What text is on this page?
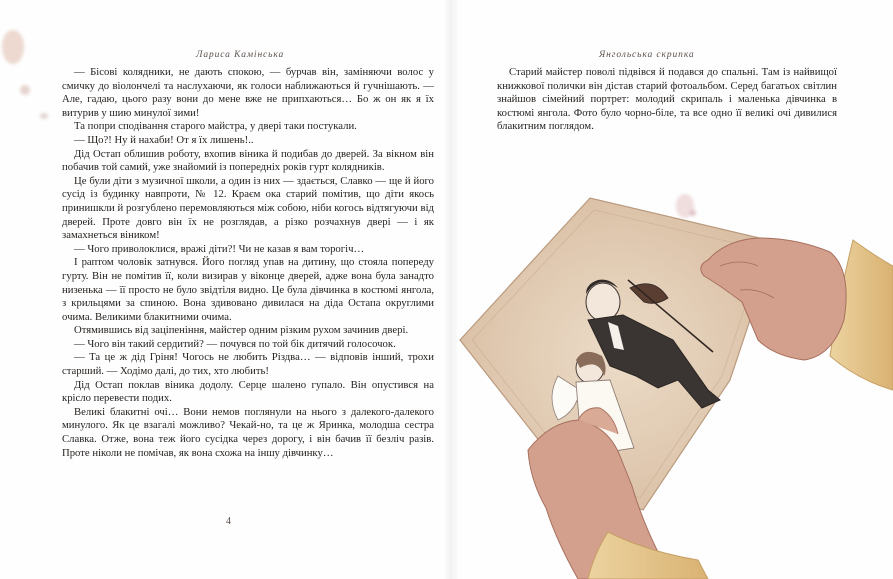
Лариса Камінська

— Бісові колядники, не дають спокою, — бурчав він, заміняючи волос у смичку до віолончелі та наслухаючи, як голоси наближаються й гучнішають. — Але, гадаю, цього разу вони до мене вже не припхаються… Бо ж он як я їх витурив у шию минулої зими!

Та попри сподівання старого майстра, у двері таки постукали.

— Що?! Ну й нахаби! От я їх лишень!..

Дід Остап облишив роботу, вхопив віника й подибав до дверей. За вікном він побачив той самий, уже знайомий із попередніх років гурт колядників.

Це були діти з музичної школи, а один із них — здається, Славко — ще й його сусід із будинку навпроти, № 12. Краєм ока старий помітив, що діти якось принишкли й розгублено перемовляються між собою, ніби когось відтягуючи від дверей. Проте довго він їх не розглядав, а різко розчахнув двері — і як замахнеться віником!

— Чого приволоклися, вражі діти?! Чи не казав я вам торогіч…

І раптом чоловік затнувся. Його погляд упав на дитину, що стояла попереду гурту. Він не помітив її, коли визирав у віконце дверей, адже вона була занадто низенька — її просто не було звідтіля видно. Це була дівчинка в костюмі янгола, з крильцями за спиною. Вона здивовано дивилася на діда Остапа округлими очима. Великими блакитними очима.

Отямившись від заціпеніння, майстер одним різким рухом зачинив двері.

— Чого він такий сердитий? — почувся по той бік дитячий голосочок.

— Та це ж дід Гріня! Чогось не любить Різдва… — відповів інший, трохи старший. — Ходімо далі, до тих, хто любить!

Дід Остап поклав віника додолу. Серце шалено гупало. Він опустився на крісло перевести подих.

Великі блакитні очі… Вони немов поглянули на нього з далекого-далекого минулого. Як це взагалі можливо? Чекай-но, та це ж Яринка, молодша сестра Славка. Отже, вона теж його сусідка через дорогу, і він бачив її безліч разів. Проте ніколи не помічав, як вона схожа на іншу дівчинку…

4
Янгольська скрипка

Старий майстер поволі підвівся й подався до спальні. Там із найвищої книжкової полички він дістав старий фотоальбом. Серед багатьох світлин знайшов сімейний портрет: молодий скрипаль і маленька дівчинка в костюмі янгола. Фото було чорно-біле, та все одно її великі очі дивилися блакитним поглядом.
